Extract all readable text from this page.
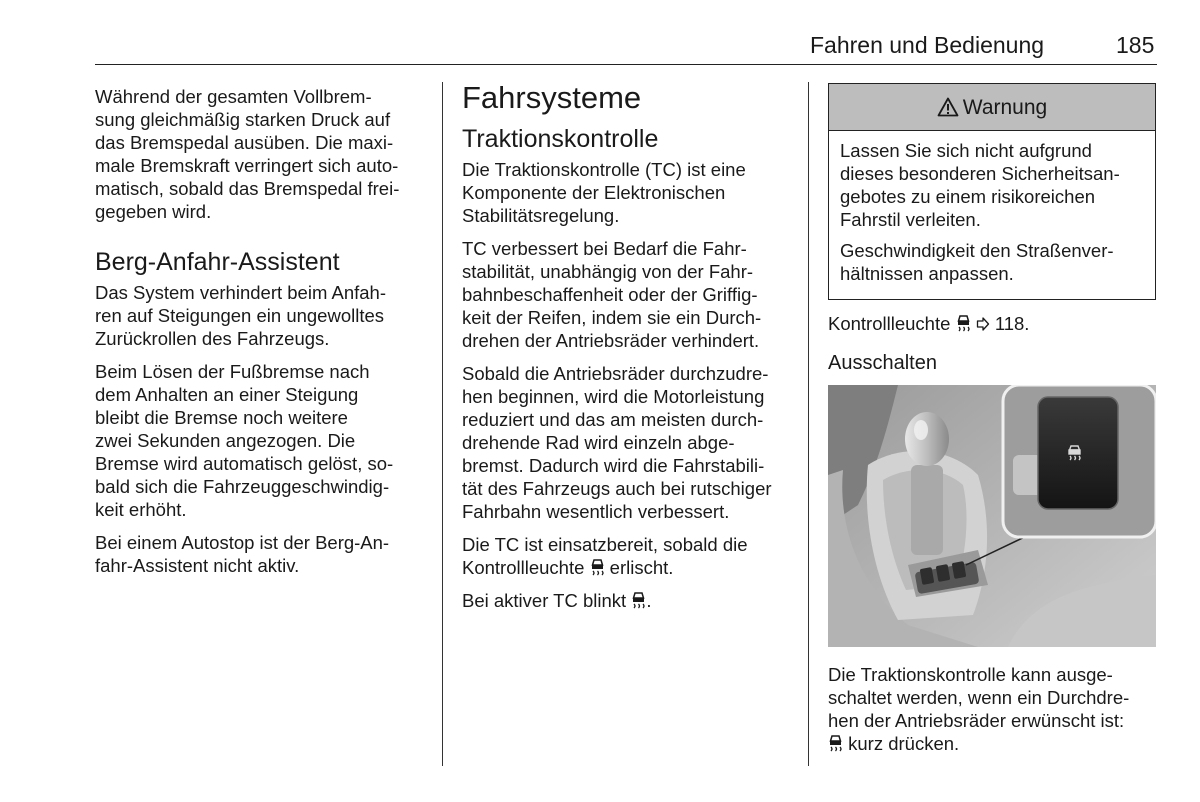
Fahren und Bedienung	185

Während der gesamten Vollbrem-
sung gleichmäßig starken Druck auf
das Bremspedal ausüben. Die maxi-
male Bremskraft verringert sich auto-
matisch, sobald das Bremspedal frei-
gegeben wird.

Berg-Anfahr-Assistent

Das System verhindert beim Anfah-
ren auf Steigungen ein ungewolltes
Zurückrollen des Fahrzeugs.

Beim Lösen der Fußbremse nach
dem Anhalten an einer Steigung
bleibt die Bremse noch weitere
zwei Sekunden angezogen. Die
Bremse wird automatisch gelöst, so-
bald sich die Fahrzeuggeschwindig-
keit erhöht.

Bei einem Autostop ist der Berg-An-
fahr-Assistent nicht aktiv.

Fahrsysteme
Traktionskontrolle

Die Traktionskontrolle (TC) ist eine
Komponente der Elektronischen
Stabilitätsregelung.

TC verbessert bei Bedarf die Fahr-
stabilität, unabhängig von der Fahr-
bahnbeschaffenheit oder der Griffig-
keit der Reifen, indem sie ein Durch-
drehen der Antriebsräder verhindert.

Sobald die Antriebsräder durchzudre-
hen beginnen, wird die Motorleistung
reduziert und das am meisten durch-
drehende Rad wird einzeln abge-
bremst. Dadurch wird die Fahrstabili-
tät des Fahrzeugs auch bei rutschiger
Fahrbahn wesentlich verbessert.

Die TC ist einsatzbereit, sobald die
Kontrollleuchte erlischt.

Bei aktiver TC blinkt .

Warnung

Lassen Sie sich nicht aufgrund
dieses besonderen Sicherheitsan-
gebotes zu einem risikoreichen
Fahrstil verleiten.

Geschwindigkeit den Straßenver-
hältnissen anpassen.

Kontrollleuchte 118.

Ausschalten

Die Traktionskontrolle kann ausge-
schaltet werden, wenn ein Durchdre-
hen der Antriebsräder erwünscht ist:
kurz drücken.
